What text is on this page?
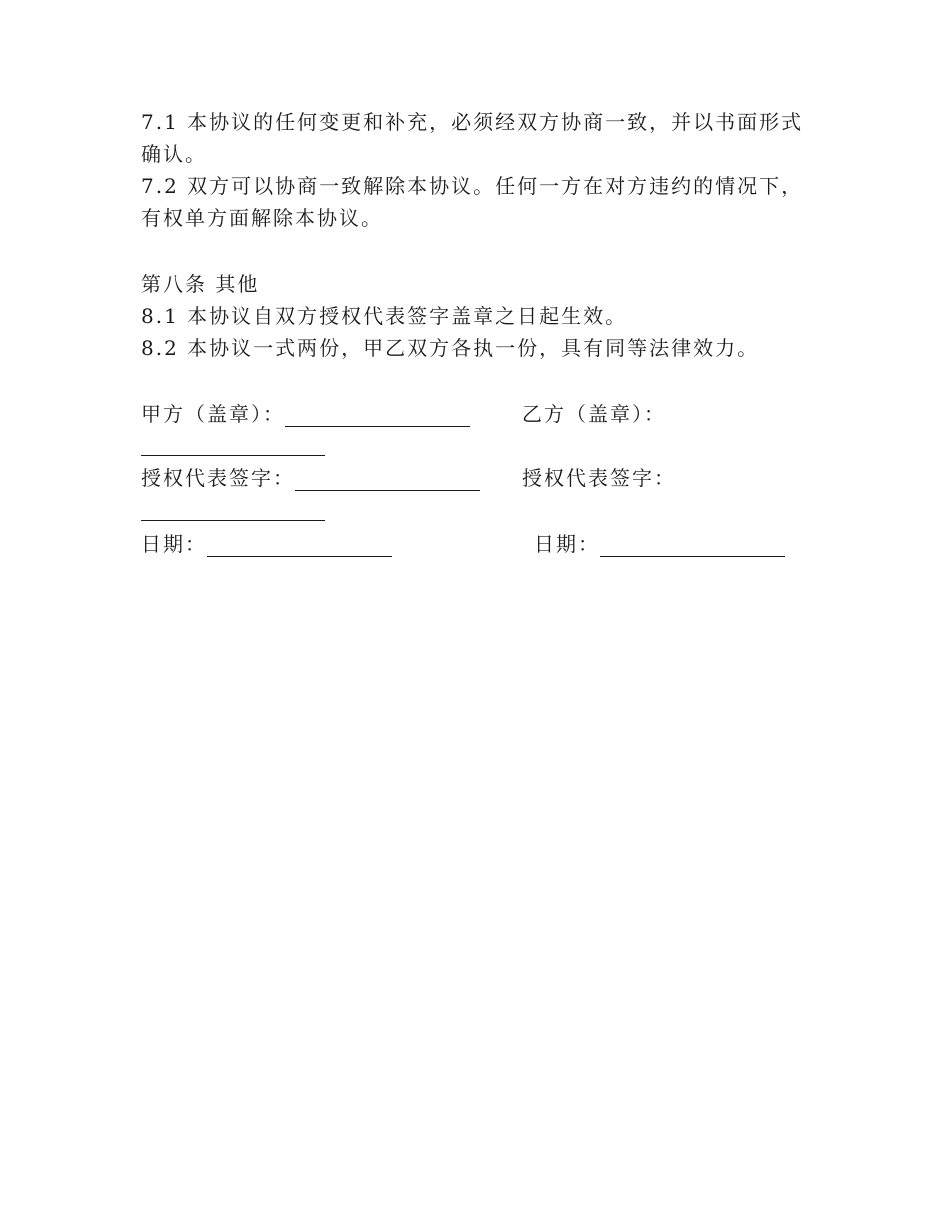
7.1 本协议的任何变更和补充，必须经双方协商一致，并以书面形式确认。

7.2 双方可以协商一致解除本协议。任何一方在对方违约的情况下，有权单方面解除本协议。

第八条 其他

8.1 本协议自双方授权代表签字盖章之日起生效。

8.2 本协议一式两份，甲乙双方各执一份，具有同等法律效力。

甲方（盖章）：	乙方（盖章）：
授权代表签字：	授权代表签字：
日期：	日期：
